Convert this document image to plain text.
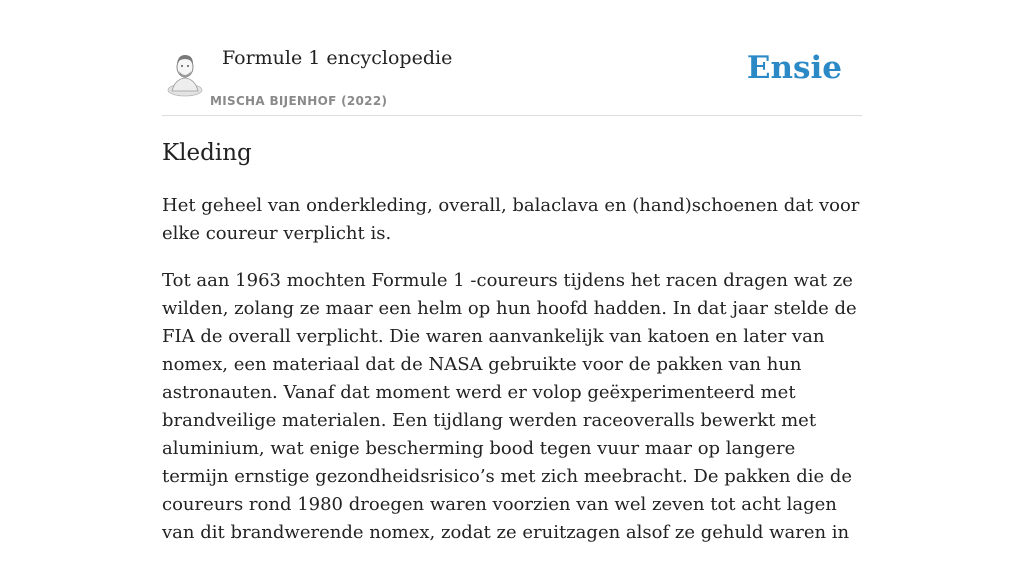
Formule 1 encyclopedie
MISCHA BIJENHOF (2022)
Ensie
Kleding

Het geheel van onderkleding, overall, balaclava en (hand)schoenen dat voor elke coureur verplicht is.

Tot aan 1963 mochten Formule 1 -coureurs tijdens het racen dragen wat ze wilden, zolang ze maar een helm op hun hoofd hadden. In dat jaar stelde de FIA de overall verplicht. Die waren aanvankelijk van katoen en later van nomex, een materiaal dat de NASA gebruikte voor de pakken van hun astronauten. Vanaf dat moment werd er volop geëxperimenteerd met brandveilige materialen. Een tijdlang werden raceoveralls bewerkt met aluminium, wat enige bescherming bood tegen vuur maar op langere termijn ernstige gezondheidsrisico’s met zich meebracht. De pakken die de coureurs rond 1980 droegen waren voorzien van wel zeven tot acht lagen van dit brandwerende nomex, zodat ze eruitzagen alsof ze gehuld waren in
